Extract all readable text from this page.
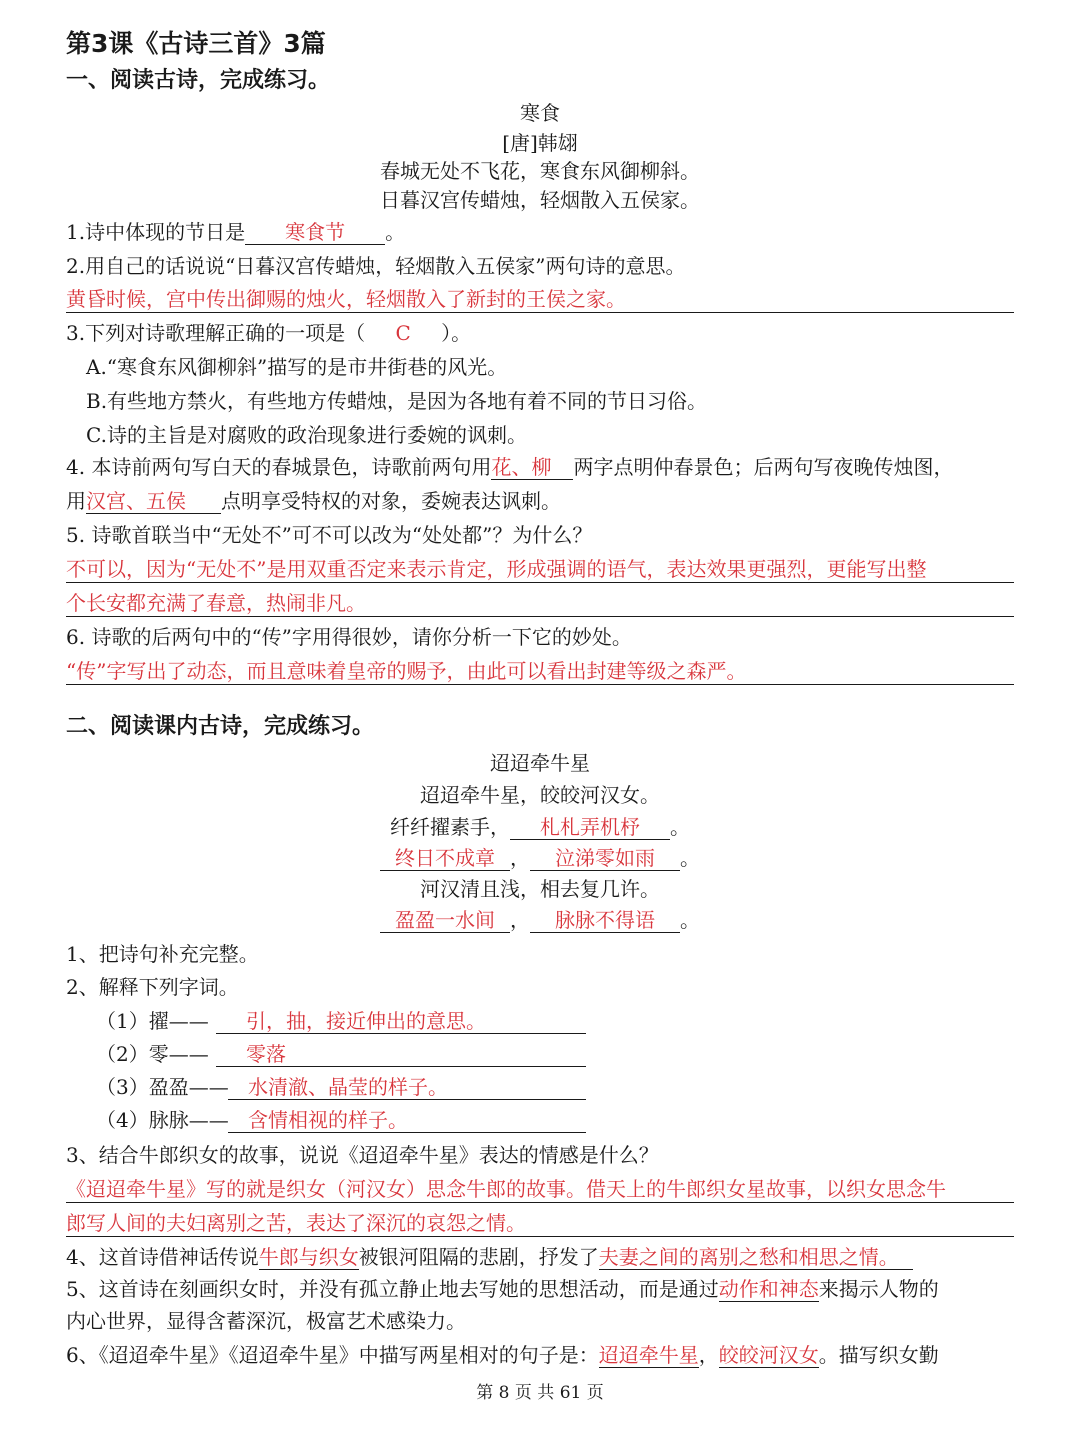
第3课《古诗三首》3篇
一、阅读古诗，完成练习。
寒食
[唐]韩翃
春城无处不飞花，寒食东风御柳斜。
日暮汉宫传蜡烛，轻烟散入五侯家。
1.诗中体现的节日是 寒食节 。
2.用自己的话说说“日暮汉宫传蜡烛，轻烟散入五侯家”两句诗的意思。
黄昏时候，宫中传出御赐的烛火，轻烟散入了新封的王侯之家。
3.下列对诗歌理解正确的一项是（ C ）。
A.“寒食东风御柳斜”描写的是市井街巷的风光。
B.有些地方禁火，有些地方传蜡烛，是因为各地有着不同的节日习俗。
C.诗的主旨是对腐败的政治现象进行委婉的讽刺。
4. 本诗前两句写白天的春城景色，诗歌前两句用花、柳 两字点明仲春景色；后两句写夜晚传烛图，
用汉宫、五侯 点明享受特权的对象，委婉表达讽刺。
5. 诗歌首联当中“无处不”可不可以改为“处处都”？为什么？
不可以，因为“无处不”是用双重否定来表示肯定，形成强调的语气，表达效果更强烈，更能写出整
个长安都充满了春意，热闹非凡。
6. 诗歌的后两句中的“传”字用得很妙，请你分析一下它的妙处。
“传”字写出了动态，而且意味着皇帝的赐予，由此可以看出封建等级之森严。
二、阅读课内古诗，完成练习。
迢迢牵牛星
迢迢牵牛星，皎皎河汉女。
纤纤擢素手， 札札弄机杼 。
终日不成章 ， 泣涕零如雨 。
河汉清且浅，相去复几许。
盈盈一水间 ， 脉脉不得语 。
1、把诗句补充完整。
2、解释下列字词。
（1）擢—— 引，抽，接近伸出的意思。
（2）零—— 零落
（3）盈盈—— 水清澈、晶莹的样子。
（4）脉脉—— 含情相视的样子。
3、结合牛郎织女的故事，说说《迢迢牵牛星》表达的情感是什么？
《迢迢牵牛星》写的就是织女（河汉女）思念牛郎的故事。借天上的牛郎织女星故事，以织女思念牛
郎写人间的夫妇离别之苦，表达了深沉的哀怨之情。
4、这首诗借神话传说牛郎与织女被银河阻隔的悲剧，抒发了夫妻之间的离别之愁和相思之情。
5、这首诗在刻画织女时，并没有孤立静止地去写她的思想活动，而是通过动作和神态来揭示人物的
内心世界，显得含蓄深沉，极富艺术感染力。
6、《迢迢牵牛星》《迢迢牵牛星》中描写两星相对的句子是：迢迢牵牛星，皎皎河汉女。描写织女勤
第 8 页 共 61 页
